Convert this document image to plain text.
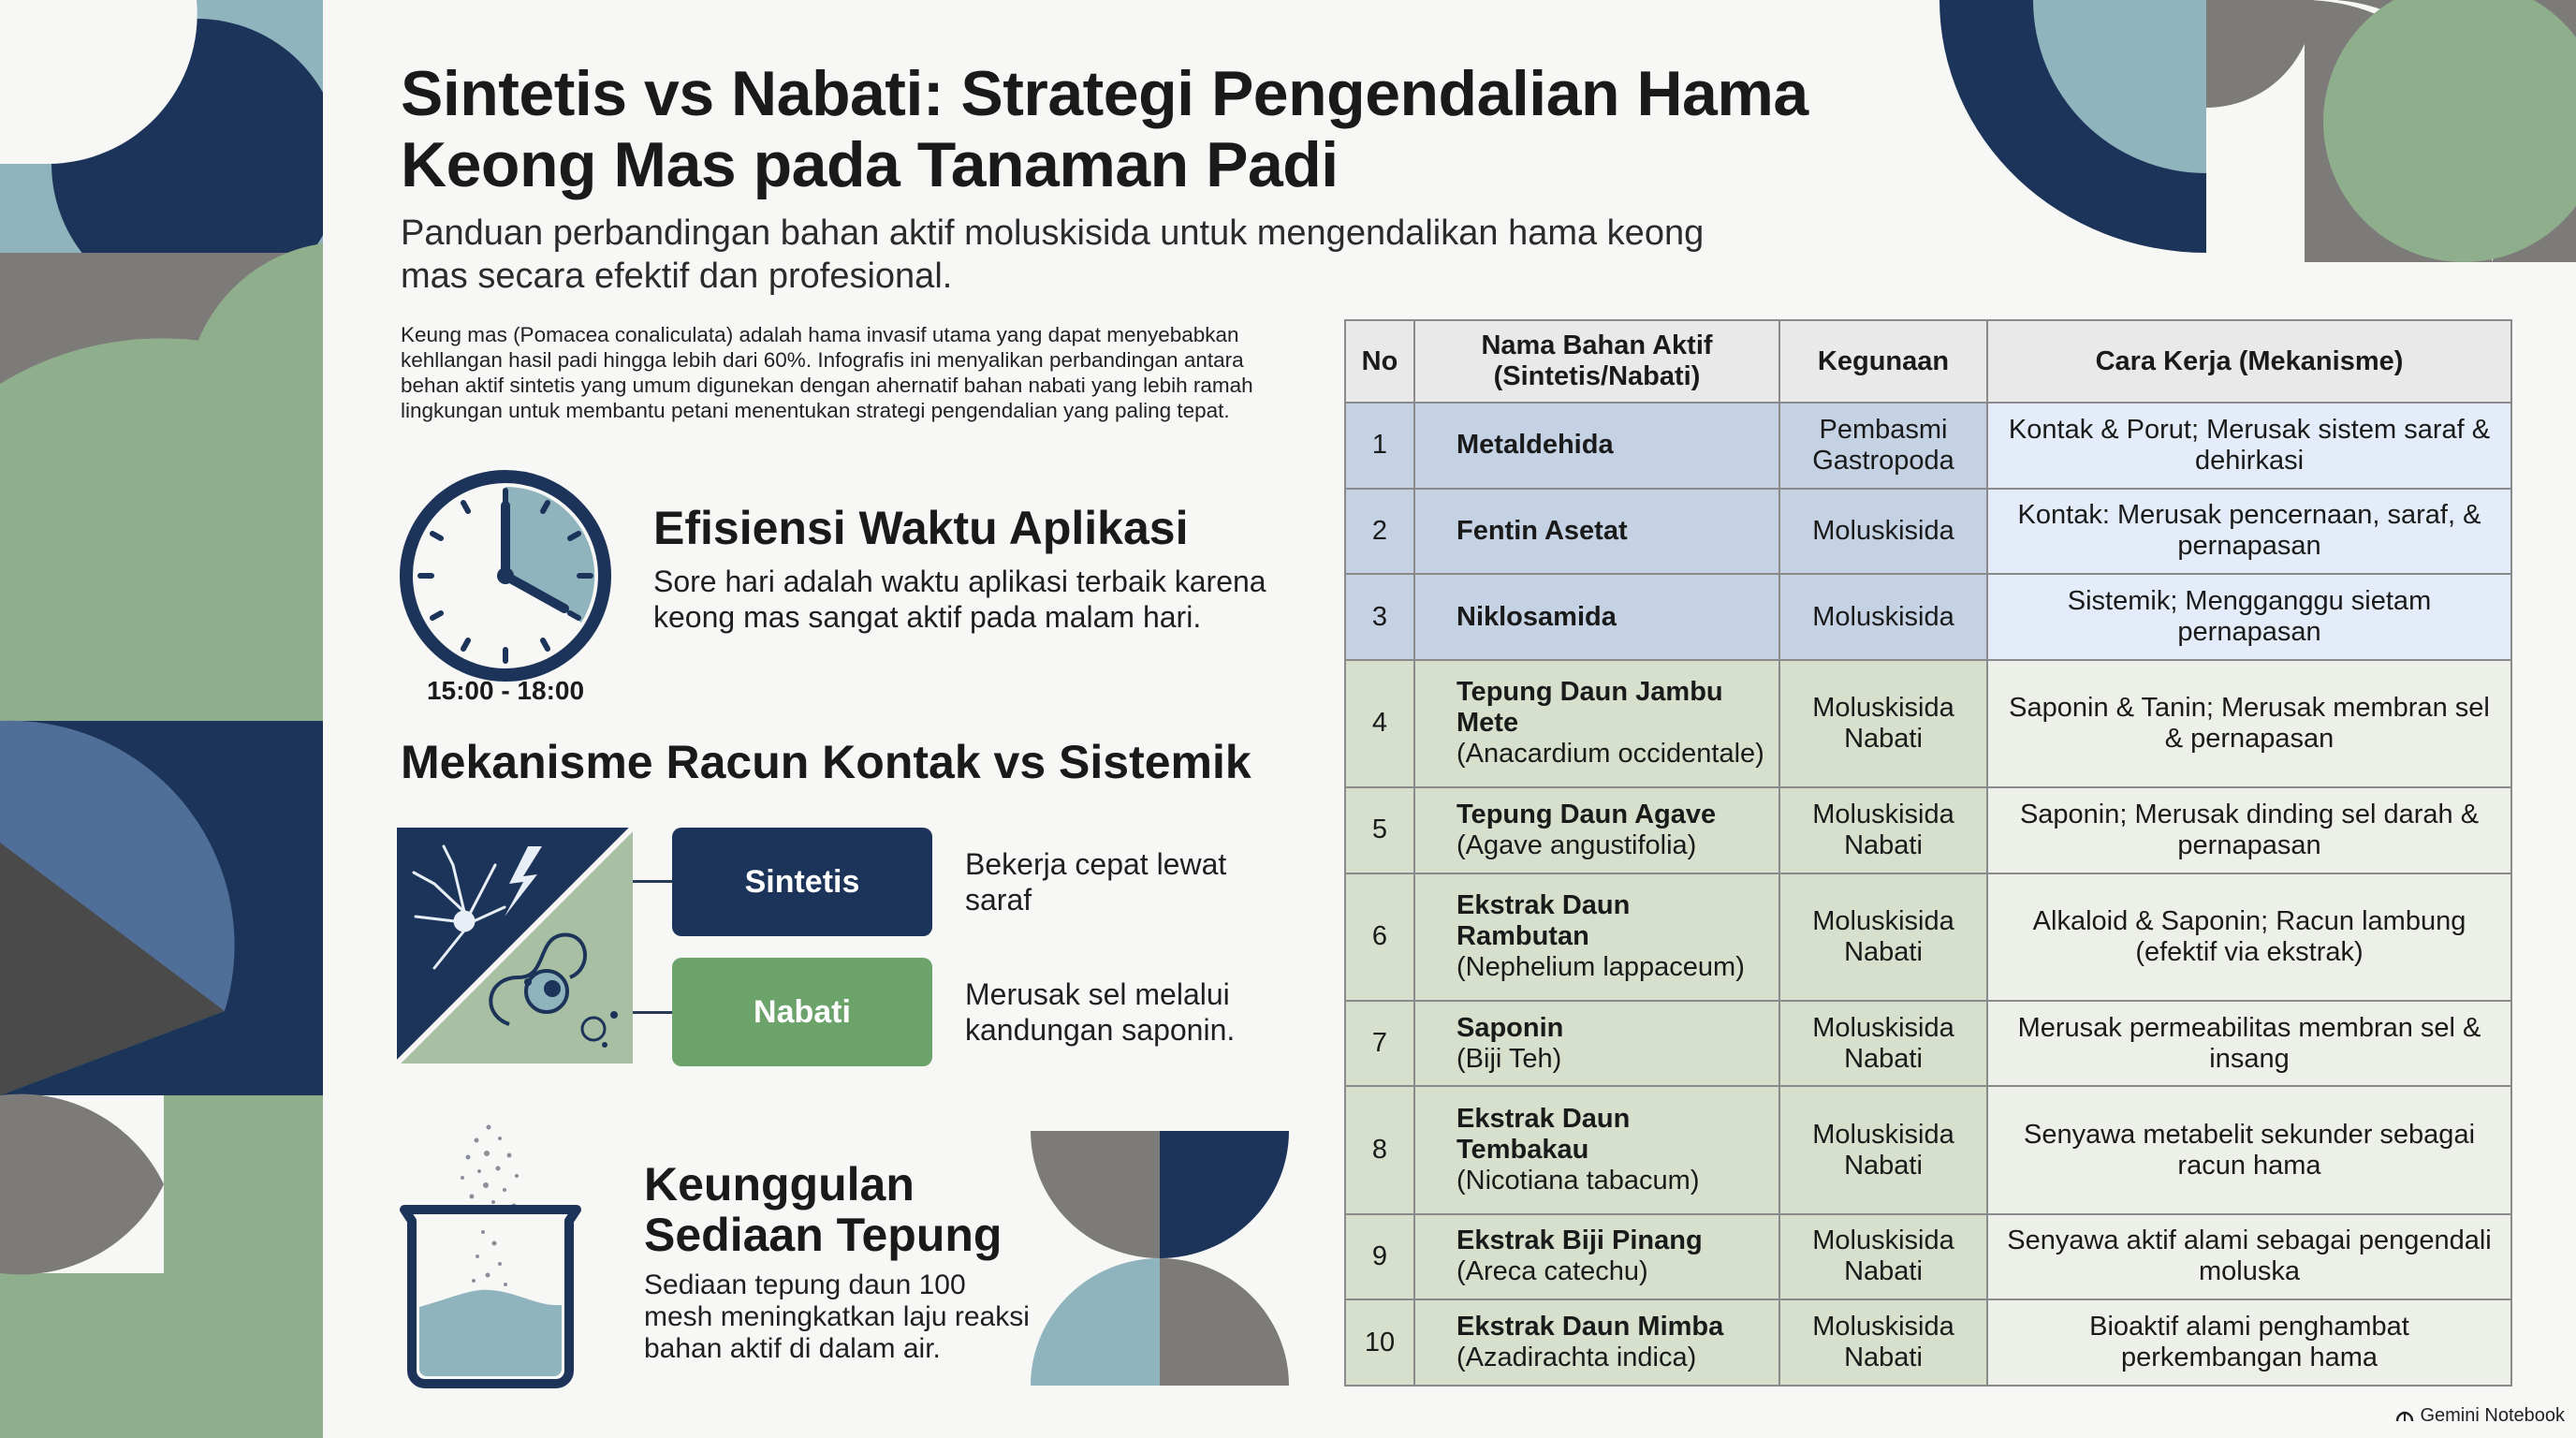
Sintetis vs Nabati: Strategi Pengendalian Hama Keong Mas pada Tanaman Padi

Panduan perbandingan bahan aktif moluskisida untuk mengendalikan hama keong mas secara efektif dan profesional.

Keung mas (Pomacea conaliculata) adalah hama invasif utama yang dapat menyebabkan kehllangan hasil padi hingga lebih dari 60%. Infografis ini menyalikan perbandingan antara behan aktif sintetis yang umum digunekan dengan ahernatif bahan nabati yang lebih ramah lingkungan untuk membantu petani menentukan strategi pengendalian yang paling tepat.

15:00 - 18:00
Efisiensi Waktu Aplikasi

Sore hari adalah waktu aplikasi terbaik karena keong mas sangat aktif pada malam hari.

Mekanisme Racun Kontak vs Sistemik
Sintetis
Nabati

Bekerja cepat lewat saraf

Merusak sel melalui kandungan saponin.

Keunggulan Sediaan Tepung

Sediaan tepung daun 100 mesh meningkatkan laju reaksi bahan aktif di dalam air.

No	Nama Bahan Aktif (Sintetis/Nabati)	Kegunaan	Cara Kerja (Mekanisme)
1	Metaldehida	Pembasmi Gastropoda	Kontak & Porut; Merusak sistem saraf & dehirkasi
2	Fentin Asetat	Moluskisida	Kontak: Merusak pencernaan, saraf, & pernapasan
3	Niklosamida	Moluskisida	Sistemik; Mengganggu sietam pernapasan
4	Tepung Daun Jambu Mete
(Anacardium occidentale)	Moluskisida Nabati	Saponin & Tanin; Merusak membran sel & pernapasan
5	Tepung Daun Agave
(Agave angustifolia)	Moluskisida Nabati	Saponin; Merusak dinding sel darah & pernapasan
6	Ekstrak Daun Rambutan
(Nephelium lappaceum)	Moluskisida Nabati	Alkaloid & Saponin; Racun lambung (efektif via ekstrak)
7	Saponin
(Biji Teh)	Moluskisida Nabati	Merusak permeabilitas membran sel & insang
8	Ekstrak Daun Tembakau
(Nicotiana tabacum)	Moluskisida Nabati	Senyawa metabelit sekunder sebagai racun hama
9	Ekstrak Biji Pinang
(Areca catechu)	Moluskisida Nabati	Senyawa aktif alami sebagai pengendali moluska
10	Ekstrak Daun Mimba
(Azadirachta indica)	Moluskisida Nabati	Bioaktif alami penghambat perkembangan hama
Gemini Notebook
